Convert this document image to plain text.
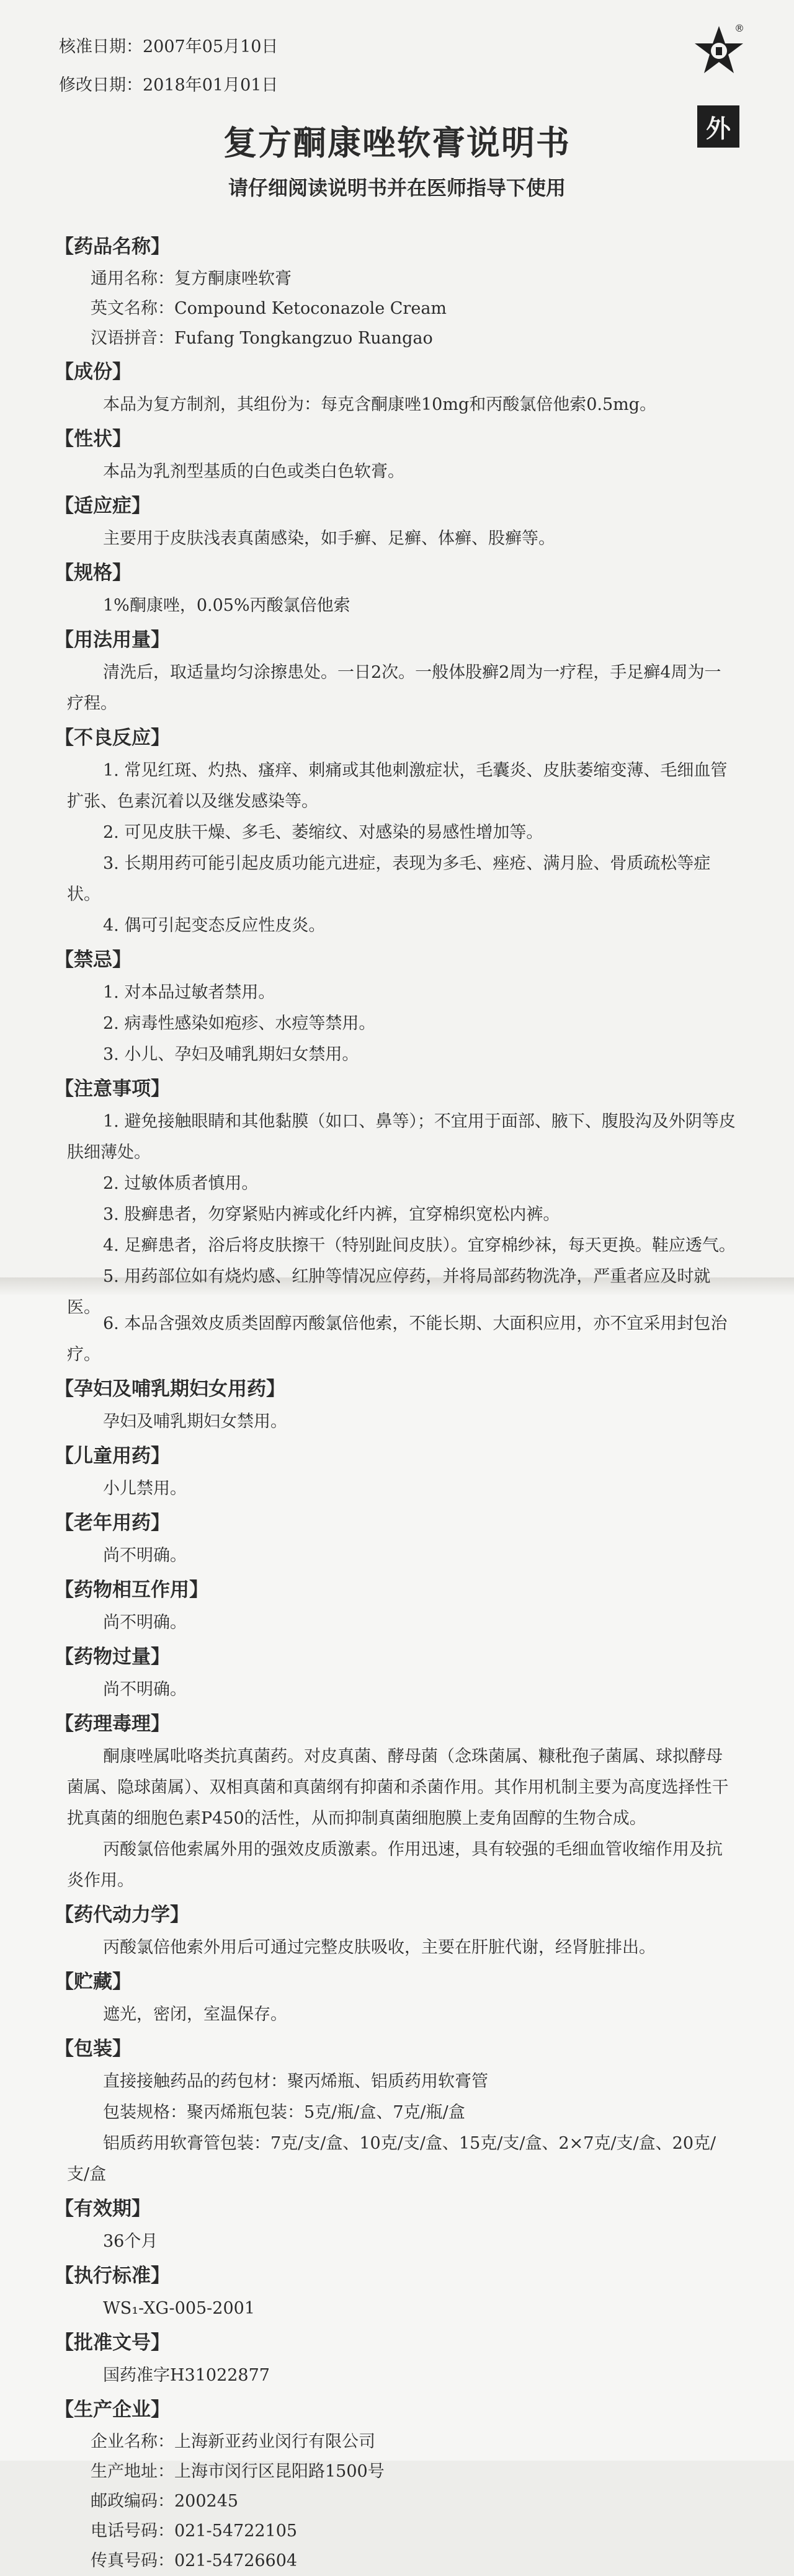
核准日期：2007年05月10日
修改日期：2018年01月01日
®
外
复方酮康唑软膏说明书
请仔细阅读说明书并在医师指导下使用
【药品名称】
通用名称：复方酮康唑软膏
英文名称：Compound Ketoconazole Cream
汉语拼音：Fufang Tongkangzuo Ruangao
【成份】
本品为复方制剂，其组份为：每克含酮康唑10mg和丙酸氯倍他索0.5mg。
【性状】
本品为乳剂型基质的白色或类白色软膏。
【适应症】
主要用于皮肤浅表真菌感染，如手癣、足癣、体癣、股癣等。
【规格】
1%酮康唑，0.05%丙酸氯倍他索
【用法用量】
清洗后，取适量均匀涂擦患处。一日2次。一般体股癣2周为一疗程，手足癣4周为一疗程。
【不良反应】
1. 常见红斑、灼热、瘙痒、刺痛或其他刺激症状，毛囊炎、皮肤萎缩变薄、毛细血管扩张、色素沉着以及继发感染等。
2. 可见皮肤干燥、多毛、萎缩纹、对感染的易感性增加等。
3. 长期用药可能引起皮质功能亢进症，表现为多毛、痤疮、满月脸、骨质疏松等症状。
4. 偶可引起变态反应性皮炎。
【禁忌】
1. 对本品过敏者禁用。
2. 病毒性感染如疱疹、水痘等禁用。
3. 小儿、孕妇及哺乳期妇女禁用。
【注意事项】
1. 避免接触眼睛和其他黏膜（如口、鼻等）；不宜用于面部、腋下、腹股沟及外阴等皮肤细薄处。
2. 过敏体质者慎用。
3. 股癣患者，勿穿紧贴内裤或化纤内裤，宜穿棉织宽松内裤。
4. 足癣患者，浴后将皮肤擦干（特别趾间皮肤）。宜穿棉纱袜，每天更换。鞋应透气。
5. 用药部位如有烧灼感、红肿等情况应停药，并将局部药物洗净，严重者应及时就医。
6. 本品含强效皮质类固醇丙酸氯倍他索，不能长期、大面积应用，亦不宜采用封包治疗。
【孕妇及哺乳期妇女用药】
孕妇及哺乳期妇女禁用。
【儿童用药】
小儿禁用。
【老年用药】
尚不明确。
【药物相互作用】
尚不明确。
【药物过量】
尚不明确。
【药理毒理】
酮康唑属吡咯类抗真菌药。对皮真菌、酵母菌（念珠菌属、糠秕孢子菌属、球拟酵母菌属、隐球菌属）、双相真菌和真菌纲有抑菌和杀菌作用。其作用机制主要为高度选择性干扰真菌的细胞色素P450的活性，从而抑制真菌细胞膜上麦角固醇的生物合成。
丙酸氯倍他索属外用的强效皮质激素。作用迅速，具有较强的毛细血管收缩作用及抗炎作用。
【药代动力学】
丙酸氯倍他索外用后可通过完整皮肤吸收，主要在肝脏代谢，经肾脏排出。
【贮藏】
遮光，密闭，室温保存。
【包装】
直接接触药品的药包材：聚丙烯瓶、铝质药用软膏管
包装规格：聚丙烯瓶包装：5克/瓶/盒、7克/瓶/盒
铝质药用软膏管包装：7克/支/盒、10克/支/盒、15克/支/盒、2×7克/支/盒、20克/支/盒
【有效期】
36个月
【执行标准】
WS₁-XG-005-2001
【批准文号】
国药准字H31022877
【生产企业】
企业名称：上海新亚药业闵行有限公司
生产地址：上海市闵行区昆阳路1500号
邮政编码：200245
电话号码：021-54722105
传真号码：021-54726604
